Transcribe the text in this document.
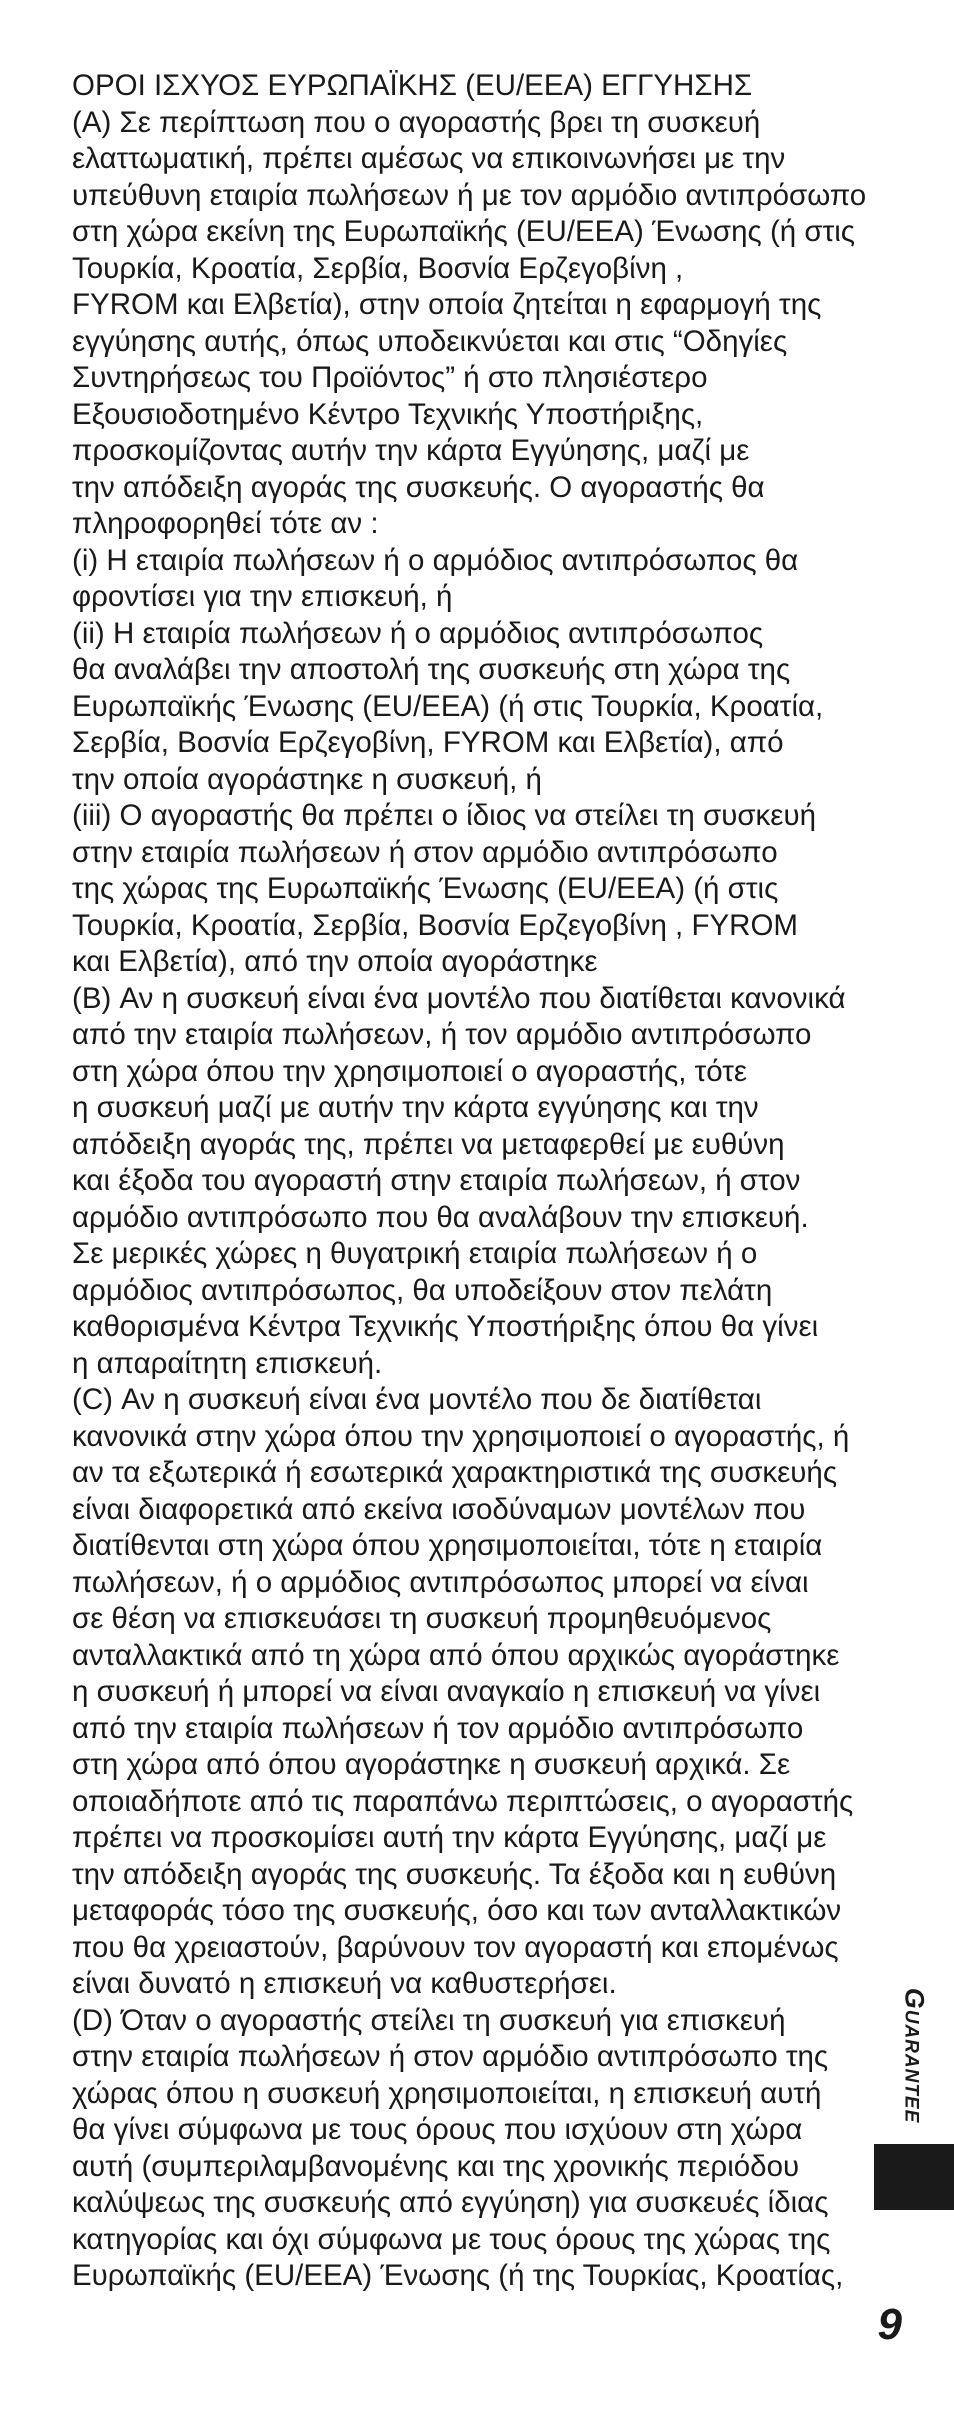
ΟΡΟΙ ΙΣΧΥΟΣ ΕΥΡΩΠΑΪΚΗΣ (EU/EEA) ΕΓΓΥΗΣΗΣ
(A) Σε περίπτωση που ο αγοραστής βρει τη συσκευή
ελαττωματική, πρέπει αμέσως να επικοινωνήσει με την
υπεύθυνη εταιρία πωλήσεων ή με τον αρμόδιο αντιπρόσωπο
στη χώρα εκείνη της Ευρωπαϊκής (EU/EEA) Ένωσης (ή στις
Τουρκία, Κροατία, Σερβία, Βοσνία Ερζεγοβίνη ,
FYROM και Ελβετία), στην οποία ζητείται η εφαρμογή της
εγγύησης αυτής, όπως υποδεικνύεται και στις “Οδηγίες
Συντηρήσεως του Προϊόντος” ή στο πλησιέστερο
Εξουσιοδοτημένο Κέντρο Τεχνικής Υποστήριξης,
προσκομίζοντας αυτήν την κάρτα Εγγύησης, μαζί με
την απόδειξη αγοράς της συσκευής. Ο αγοραστής θα
πληροφορηθεί τότε αν :
(i) Η εταιρία πωλήσεων ή ο αρμόδιος αντιπρόσωπος θα
φροντίσει για την επισκευή, ή
(ii) Η εταιρία πωλήσεων ή ο αρμόδιος αντιπρόσωπος
θα αναλάβει την αποστολή της συσκευής στη χώρα της
Ευρωπαϊκής Ένωσης (EU/EEA) (ή στις Τουρκία, Κροατία,
Σερβία, Βοσνία Ερζεγοβίνη, FYROM και Ελβετία), από
την οποία αγοράστηκε η συσκευή, ή
(iii) Ο αγοραστής θα πρέπει ο ίδιος να στείλει τη συσκευή
στην εταιρία πωλήσεων ή στον αρμόδιο αντιπρόσωπο
της χώρας της Ευρωπαϊκής Ένωσης (EU/EEA) (ή στις
Τουρκία, Κροατία, Σερβία, Βοσνία Ερζεγοβίνη , FYROM
και Ελβετία), από την οποία αγοράστηκε
(B) Αν η συσκευή είναι ένα μοντέλο που διατίθεται κανονικά
από την εταιρία πωλήσεων, ή τον αρμόδιο αντιπρόσωπο
στη χώρα όπου την χρησιμοποιεί ο αγοραστής, τότε
η συσκευή μαζί με αυτήν την κάρτα εγγύησης και την
απόδειξη αγοράς της, πρέπει να μεταφερθεί με ευθύνη
και έξοδα του αγοραστή στην εταιρία πωλήσεων, ή στον
αρμόδιο αντιπρόσωπο που θα αναλάβουν την επισκευή.
Σε μερικές χώρες η θυγατρική εταιρία πωλήσεων ή ο
αρμόδιος αντιπρόσωπος, θα υποδείξουν στον πελάτη
καθορισμένα Κέντρα Τεχνικής Υποστήριξης όπου θα γίνει
η απαραίτητη επισκευή.
(C) Αν η συσκευή είναι ένα μοντέλο που δε διατίθεται
κανονικά στην χώρα όπου την χρησιμοποιεί ο αγοραστής, ή
αν τα εξωτερικά ή εσωτερικά χαρακτηριστικά της συσκευής
είναι διαφορετικά από εκείνα ισοδύναμων μοντέλων που
διατίθενται στη χώρα όπου χρησιμοποιείται, τότε η εταιρία
πωλήσεων, ή ο αρμόδιος αντιπρόσωπος μπορεί να είναι
σε θέση να επισκευάσει τη συσκευή προμηθευόμενος
ανταλλακτικά από τη χώρα από όπου αρχικώς αγοράστηκε
η συσκευή ή μπορεί να είναι αναγκαίο η επισκευή να γίνει
από την εταιρία πωλήσεων ή τον αρμόδιο αντιπρόσωπο
στη χώρα από όπου αγοράστηκε η συσκευή αρχικά. Σε
οποιαδήποτε από τις παραπάνω περιπτώσεις, ο αγοραστής
πρέπει να προσκομίσει αυτή την κάρτα Εγγύησης, μαζί με
την απόδειξη αγοράς της συσκευής. Τα έξοδα και η ευθύνη
μεταφοράς τόσο της συσκευής, όσο και των ανταλλακτικών
που θα χρειαστούν, βαρύνουν τον αγοραστή και επομένως
είναι δυνατό η επισκευή να καθυστερήσει.
(D) Όταν ο αγοραστής στείλει τη συσκευή για επισκευή
στην εταιρία πωλήσεων ή στον αρμόδιο αντιπρόσωπο της
χώρας όπου η συσκευή χρησιμοποιείται, η επισκευή αυτή
θα γίνει σύμφωνα με τους όρους που ισχύουν στη χώρα
αυτή (συμπεριλαμβανομένης και της χρονικής περιόδου
καλύψεως της συσκευής από εγγύηση) για συσκευές ίδιας
κατηγορίας και όχι σύμφωνα με τους όρους της χώρας της
Ευρωπαϊκής (EU/EEA) Ένωσης (ή της Τουρκίας, Κροατίας,
Guarantee
9
